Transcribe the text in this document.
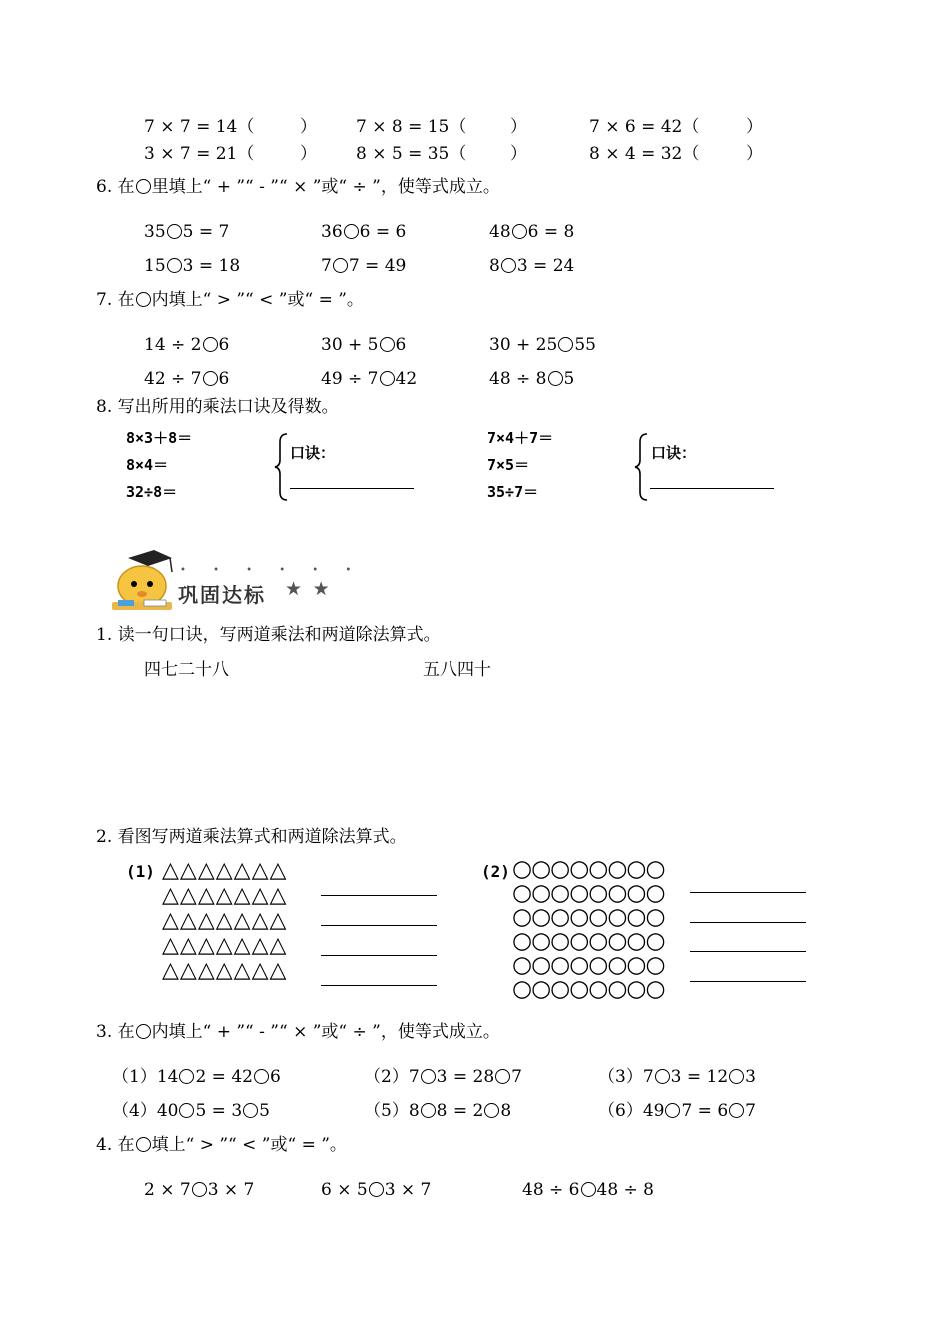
7 × 7 = 14（	） 7 × 8 = 15（	）	7 × 6 = 42（	）
3 × 7 = 21（	） 8 × 5 = 35（	）	8 × 4 = 32（	）
6. 在 里填上“ + ”“ - ”“ × ”或“ ÷ ”，使等式成立。
35 5 = 7	36 6 = 6	48 6 = 8
15 3 = 18	7 7 = 49	8 3 = 24
7. 在 内填上“ > ”“ < ”或“ = ”。
14 ÷ 2 6	30 + 5 6	30 + 25 55
42 ÷ 7 6	49 ÷ 7 42	48 ÷ 8 5
8. 写出所用的乘法口诀及得数。
8×3＋8＝
8×4＝
32÷8＝
口诀：
7×4＋7＝
7×5＝
35÷7＝
口诀：
• • • • • •
巩固达标 ★ ★
1. 读一句口诀，写两道乘法和两道除法算式。
四七二十八	五八四十
2. 看图写两道乘法算式和两道除法算式。
(1) △△△△△△△
△△△△△△△
△△△△△△△
△△△△△△△
△△△△△△△
(2) ○○○○○○○○
○○○○○○○○
○○○○○○○○
○○○○○○○○
○○○○○○○○
○○○○○○○○
3. 在 内填上“ + ”“ - ”“ × ”或“ ÷ ”，使等式成立。
（1）14 2 = 42 6	（2）7 3 = 28 7	（3）7 3 = 12 3
（4）40 5 = 3 5	（5）8 8 = 2 8	（6）49 7 = 6 7
4. 在 填上“ > ”“ < ”或“ = ”。
2 × 7 3 × 7	6 × 5 3 × 7	48 ÷ 6 48 ÷ 8
